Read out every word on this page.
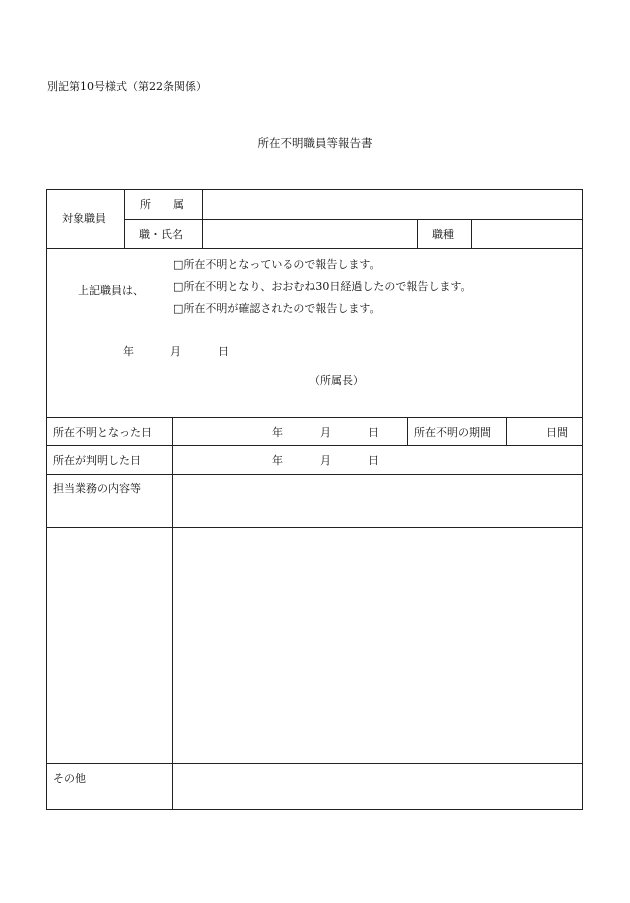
別記第10号様式（第22条関係）
所在不明職員等報告書
対象職員
所　　属
職・氏名	職種
上記職員は、
□所在不明となっているので報告します。
□所在不明となり、おおむね30日経過したので報告します。
□所在不明が確認されたので報告します。
年	月	日
（所属長）
所在不明となった日	年	月	日	所在不明の期間	日間
所在が判明した日	年	月	日
担当業務の内容等
その他
